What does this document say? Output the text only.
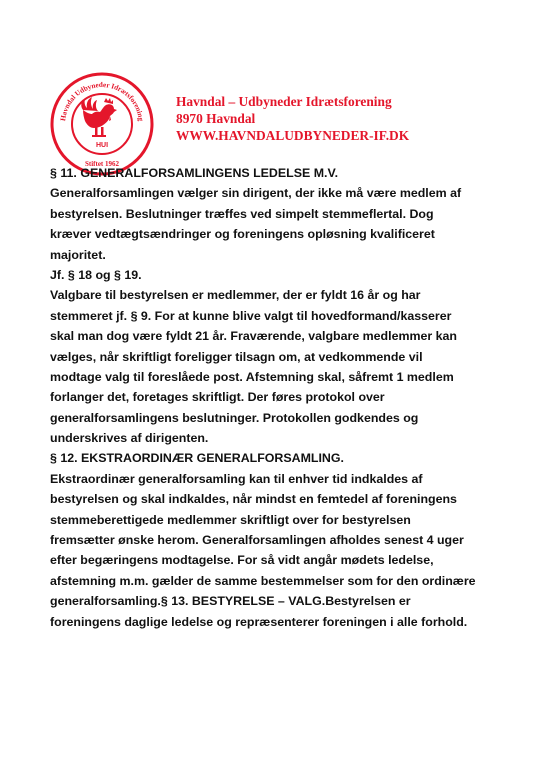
Havndal Udbyneder Idrætsforening
HUI
Stiftet 1962
Havndal – Udbyneder Idrætsforening
8970 Havndal
WWW.HAVNDALUDBYNEDER-IF.DK
§ 11. GENERALFORSAMLINGENS LEDELSE M.V.
Generalforsamlingen vælger sin dirigent, der ikke må være medlem af
bestyrelsen. Beslutninger træffes ved simpelt stemmeflertal. Dog
kræver vedtægtsændringer og foreningens opløsning kvalificeret
majoritet.
Jf. § 18 og § 19.
Valgbare til bestyrelsen er medlemmer, der er fyldt 16 år og har
stemmeret jf. § 9. For at kunne blive valgt til hovedformand/kasserer
skal man dog være fyldt 21 år. Fraværende, valgbare medlemmer kan
vælges, når skriftligt foreligger tilsagn om, at vedkommende vil
modtage valg til foreslåede post. Afstemning skal, såfremt 1 medlem
forlanger det, foretages skriftligt. Der føres protokol over
generalforsamlingens beslutninger. Protokollen godkendes og
underskrives af dirigenten.
§ 12. EKSTRAORDINÆR GENERALFORSAMLING.
Ekstraordinær generalforsamling kan til enhver tid indkaldes af
bestyrelsen og skal indkaldes, når mindst en femtedel af foreningens
stemmeberettigede medlemmer skriftligt over for bestyrelsen
fremsætter ønske herom. Generalforsamlingen afholdes senest 4 uger
efter begæringens modtagelse. For så vidt angår mødets ledelse,
afstemning m.m. gælder de samme bestemmelser som for den ordinære
generalforsamling.§ 13. BESTYRELSE – VALG.Bestyrelsen er
foreningens daglige ledelse og repræsenterer foreningen i alle forhold.
